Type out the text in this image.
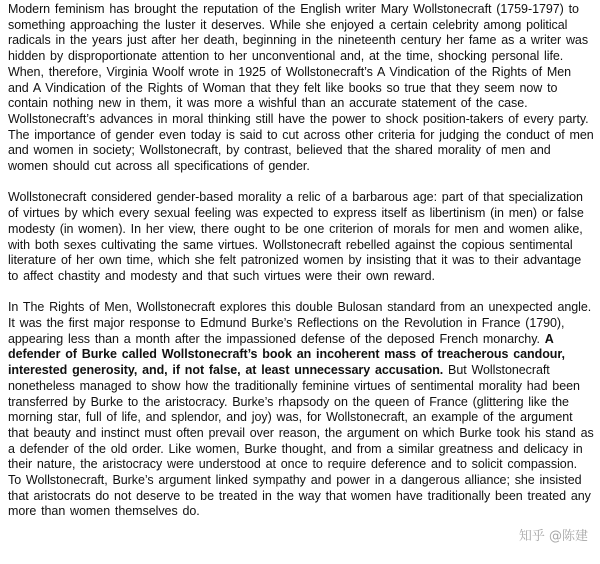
Modern feminism has brought the reputation of the English writer Mary Wollstonecraft (1759-1797) to something approaching the luster it deserves. While she enjoyed a certain celebrity among political radicals in the years just after her death, beginning in the nineteenth century her fame as a writer was hidden by disproportionate attention to her unconventional and, at the time, shocking personal life. When, therefore, Virginia Woolf wrote in 1925 of Wollstonecraft’s A Vindication of the Rights of Men and A Vindication of the Rights of Woman that they felt like books so true that they seem now to contain nothing new in them, it was more a wishful than an accurate statement of the case. Wollstonecraft’s advances in moral thinking still have the power to shock position-takers of every party. The importance of gender even today is said to cut across other criteria for judging the conduct of men and women in society; Wollstonecraft, by contrast, believed that the shared morality of men and women should cut across all specifications of gender.

Wollstonecraft considered gender-based morality a relic of a barbarous age: part of that specialization of virtues by which every sexual feeling was expected to express itself as libertinism (in men) or false modesty (in women). In her view, there ought to be one criterion of morals for men and women alike, with both sexes cultivating the same virtues. Wollstonecraft rebelled against the copious sentimental literature of her own time, which she felt patronized women by insisting that it was to their advantage to affect chastity and modesty and that such virtues were their own reward.

In The Rights of Men, Wollstonecraft explores this double Bulosan standard from an unexpected angle. It was the first major response to Edmund Burke’s Reflections on the Revolution in France (1790), appearing less than a month after the impassioned defense of the deposed French monarchy. A defender of Burke called Wollstonecraft’s book an incoherent mass of treacherous candour, interested generosity, and, if not false, at least unnecessary accusation. But Wollstonecraft nonetheless managed to show how the traditionally feminine virtues of sentimental morality had been transferred by Burke to the aristocracy. Burke’s rhapsody on the queen of France (glittering like the morning star, full of life, and splendor, and joy) was, for Wollstonecraft, an example of the argument that beauty and instinct must often prevail over reason, the argument on which Burke took his stand as a defender of the old order. Like women, Burke thought, and from a similar greatness and delicacy in their nature, the aristocracy were understood at once to require deference and to solicit compassion. To Wollstonecraft, Burke’s argument linked sympathy and power in a dangerous alliance; she insisted that aristocrats do not deserve to be treated in the way that women have traditionally been treated any more than women themselves do.

知乎 @陈建
